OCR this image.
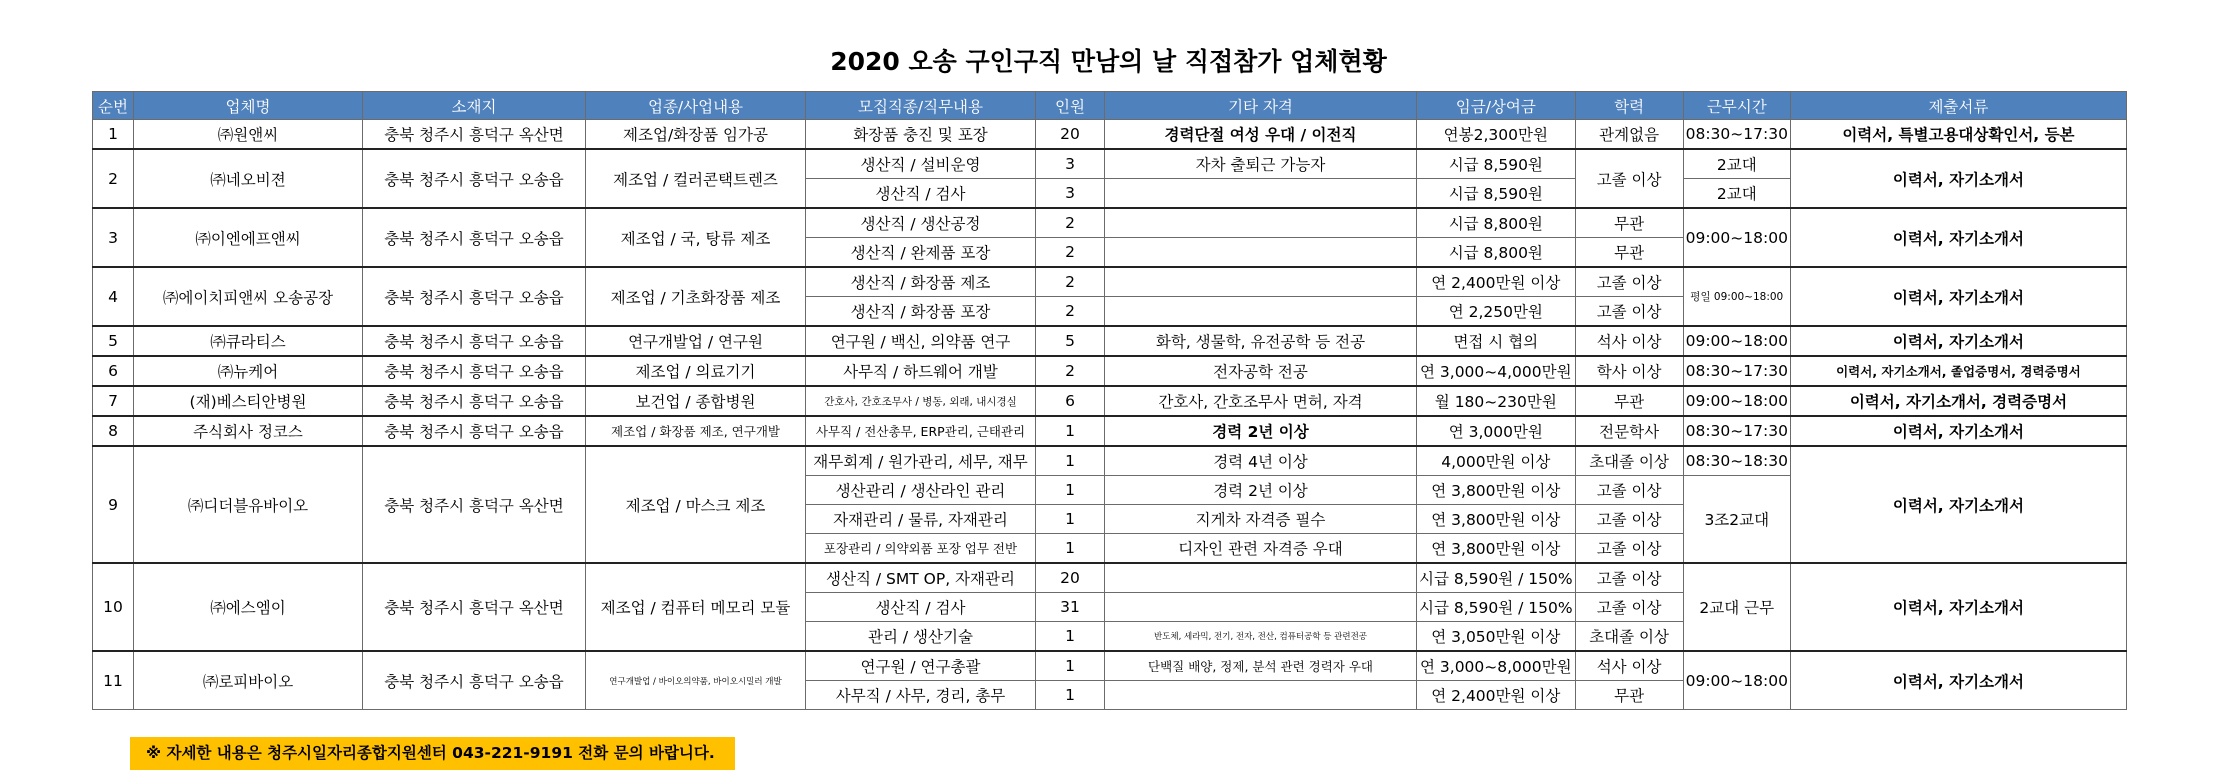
2020 오송 구인구직 만남의 날 직접참가 업체현황
순번	업체명	소재지	업종/사업내용	모집직종/직무내용	인원	기타 자격	임금/상여금	학력	근무시간	제출서류
1	㈜원앤씨	충북 청주시 흥덕구 옥산면	제조업/화장품 임가공	화장품 충진 및 포장	20	경력단절 여성 우대 / 이전직	연봉2,300만원	관계없음	08:30~17:30	이력서, 특별고용대상확인서, 등본
2	㈜네오비젼	충북 청주시 흥덕구 오송읍	제조업 / 컬러콘택트렌즈	생산직 / 설비운영	3	자차 출퇴근 가능자	시급 8,590원	고졸 이상	2교대	이력서, 자기소개서
				생산직 / 검사	3		시급 8,590원		2교대	
3	㈜이엔에프앤씨	충북 청주시 흥덕구 오송읍	제조업 / 국, 탕류 제조	생산직 / 생산공정	2		시급 8,800원	무관	09:00~18:00	이력서, 자기소개서
				생산직 / 완제품 포장	2		시급 8,800원	무관		
4	㈜에이치피앤씨 오송공장	충북 청주시 흥덕구 오송읍	제조업 / 기초화장품 제조	생산직 / 화장품 제조	2		연 2,400만원 이상	고졸 이상	평일 09:00~18:00	이력서, 자기소개서
				생산직 / 화장품 포장	2		연 2,250만원	고졸 이상		
5	㈜큐라티스	충북 청주시 흥덕구 오송읍	연구개발업 / 연구원	연구원 / 백신, 의약품 연구	5	화학, 생물학, 유전공학 등 전공	면접 시 협의	석사 이상	09:00~18:00	이력서, 자기소개서
6	㈜뉴케어	충북 청주시 흥덕구 오송읍	제조업 / 의료기기	사무직 / 하드웨어 개발	2	전자공학 전공	연 3,000~4,000만원	학사 이상	08:30~17:30	이력서, 자기소개서, 졸업증명서, 경력증명서
7	(재)베스티안병원	충북 청주시 흥덕구 오송읍	보건업 / 종합병원	간호사, 간호조무사 / 병동, 외래, 내시경실	6	간호사, 간호조무사 면허, 자격	월 180~230만원	무관	09:00~18:00	이력서, 자기소개서, 경력증명서
8	주식회사 정코스	충북 청주시 흥덕구 오송읍	제조업 / 화장품 제조, 연구개발	사무직 / 전산총무, ERP관리, 근태관리	1	경력 2년 이상	연 3,000만원	전문학사	08:30~17:30	이력서, 자기소개서
9	㈜디더블유바이오	충북 청주시 흥덕구 옥산면	제조업 / 마스크 제조	재무회계 / 원가관리, 세무, 재무	1	경력 4년 이상	4,000만원 이상	초대졸 이상	08:30~18:30	이력서, 자기소개서
				생산관리 / 생산라인 관리	1	경력 2년 이상	연 3,800만원 이상	고졸 이상	3조2교대	
				자재관리 / 물류, 자재관리	1	지게차 자격증 필수	연 3,800만원 이상	고졸 이상		
				포장관리 / 의약외품 포장 업무 전반	1	디자인 관련 자격증 우대	연 3,800만원 이상	고졸 이상		
10	㈜에스엠이	충북 청주시 흥덕구 옥산면	제조업 / 컴퓨터 메모리 모듈	생산직 / SMT OP, 자재관리	20		시급 8,590원 / 150%	고졸 이상	2교대 근무	이력서, 자기소개서
				생산직 / 검사	31		시급 8,590원 / 150%	고졸 이상		
				관리 / 생산기술	1	반도체, 세라믹, 전기, 전자, 전산, 컴퓨터공학 등 관련전공	연 3,050만원 이상	초대졸 이상		
11	㈜로피바이오	충북 청주시 흥덕구 오송읍	연구개발업 / 바이오의약품, 바이오시밀러 개발	연구원 / 연구총괄	1	단백질 배양, 정제, 분석 관련 경력자 우대	연 3,000~8,000만원	석사 이상	09:00~18:00	이력서, 자기소개서
				사무직 / 사무, 경리, 총무	1		연 2,400만원 이상	무관		
※ 자세한 내용은 청주시일자리종합지원센터 043-221-9191 전화 문의 바랍니다.
